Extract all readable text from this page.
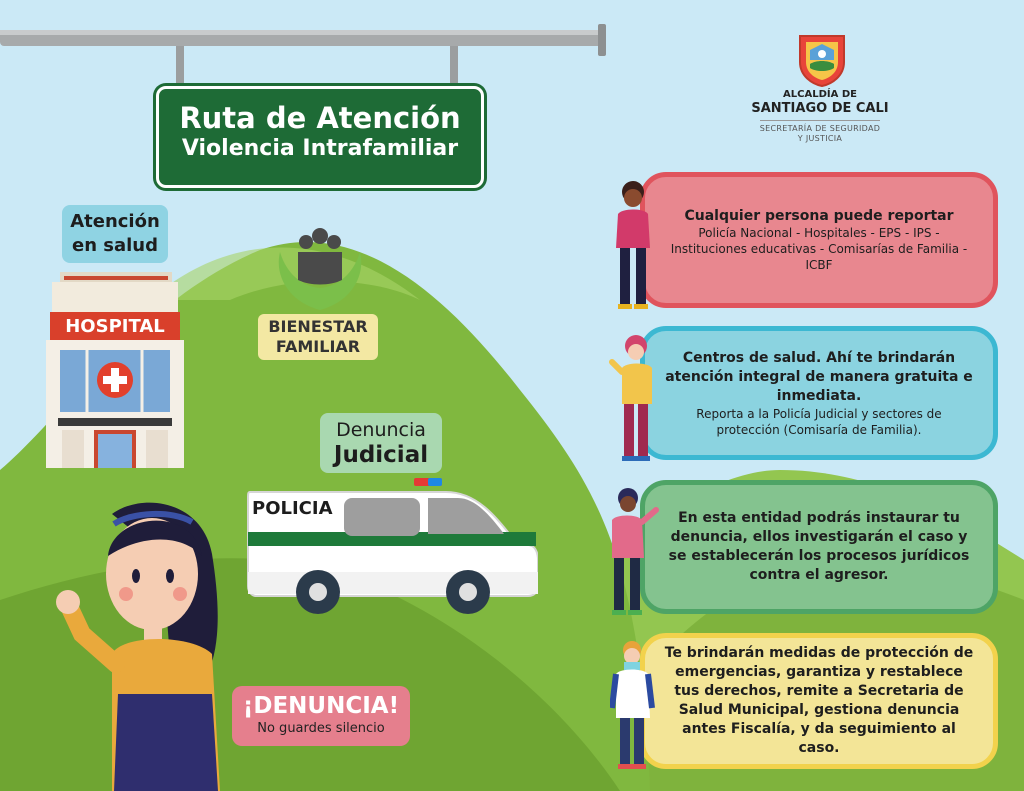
Ruta de Atención
Violencia Intrafamiliar
ALCALDÍA DE
SANTIAGO DE CALI
SECRETARÍA DE SEGURIDAD
Y JUSTICIA
Atención
en salud
HOSPITAL	BIENESTAR
FAMILIAR
Denuncia
Judicial
POLICIA
¡DENUNCIA!
No guardes silencio
Cualquier persona puede reportar
Policía Nacional - Hospitales - EPS - IPS - Instituciones educativas - Comisarías de Familia - ICBF
Centros de salud. Ahí te brindarán atención integral de manera gratuita e inmediata.
Reporta a la Policía Judicial y sectores de protección (Comisaría de Familia).
En esta entidad podrás instaurar tu denuncia, ellos investigarán el caso y se establecerán los procesos jurídicos contra el agresor.
Te brindarán medidas de protección de emergencias, garantiza y restablece tus derechos, remite a Secretaria de Salud Municipal, gestiona denuncia antes Fiscalía, y da seguimiento al caso.
